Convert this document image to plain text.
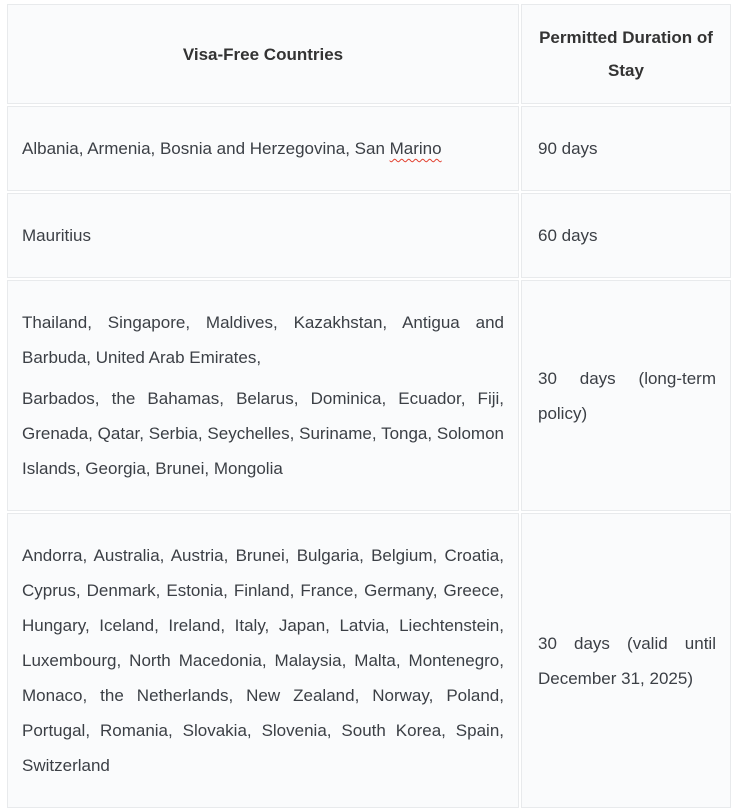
Visa-Free Countries	Permitted Duration of Stay

Albania, Armenia, Bosnia and Herzegovina, San Marino	90 days

Mauritius	60 days

Thailand, Singapore, Maldives, Kazakhstan, Antigua and Barbuda, United Arab Emirates,

Barbados, the Bahamas, Belarus, Dominica, Ecuador, Fiji, Grenada, Qatar, Serbia, Seychelles, Suriname, Tonga, Solomon Islands, Georgia, Brunei, Mongolia	30 days (long-term policy)

Andorra, Australia, Austria, Brunei, Bulgaria, Belgium, Croatia, Cyprus, Denmark, Estonia, Finland, France, Germany, Greece, Hungary, Iceland, Ireland, Italy, Japan, Latvia, Liechtenstein, Luxembourg, North Macedonia, Malaysia, Malta, Montenegro, Monaco, the Netherlands, New Zealand, Norway, Poland, Portugal, Romania, Slovakia, Slovenia, South Korea, Spain, Switzerland	30 days (valid until December 31, 2025)
